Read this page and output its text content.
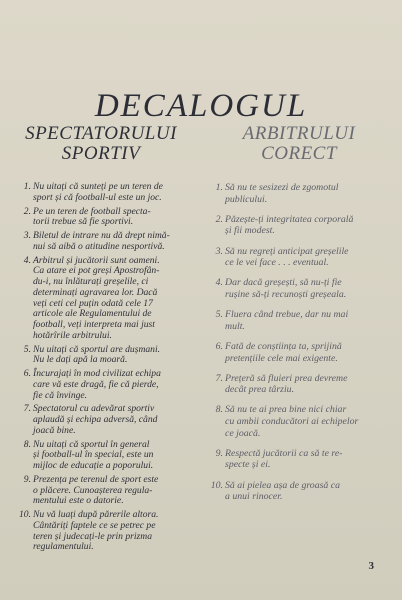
DECALOGUL
SPECTATORULUI
SPORTIV
ARBITRULUI
CORECT
1. Nu uitați că sunteți pe un teren de
sport și că football-ul este un joc.
2. Pe un teren de football specta-
torii trebue să fie sportivi.
3. Biletul de intrare nu dă drept nimă-
nui să aibă o atitudine nesportivă.
4. Arbitrul și jucătorii sunt oameni.
Ca atare ei pot greși Apostrofân-
du-i, nu înlăturați greșelile, ci
determinați agravarea lor. Dacă
veți ceti cel puțin odată cele 17
articole ale Regulamentului de
football, veți interpreta mai just
hotărîrile arbitrului.
5. Nu uitați că sportul are dușmani.
Nu le dați apă la moară.
6. Încurajați în mod civilizat echipa
care vă este dragă, fie că pierde,
fie că învinge.
7. Spectatorul cu adevărat sportiv
aplaudă și echipa adversă, când
joacă bine.
8. Nu uitați că sportul în general
și football-ul în special, este un
mijloc de educație a poporului.
9. Prezența pe terenul de sport este
o plăcere. Cunoașterea regula-
mentului este o datorie.
10. Nu vă luați după părerile altora.
Cântăriți faptele ce se petrec pe
teren și judecați-le prin prizma
regulamentului.
1. Să nu te sesizezi de zgomotul
publicului.
2. Păzește-ți integritatea corporală
și fii modest.
3. Să nu regreți anticipat greșelile
ce le vei face . . . eventual.
4. Dar dacă greșești, să nu-ți fie
rușine să-ți recunoști greșeala.
5. Fluera când trebue, dar nu mai
mult.
6. Fată de conștiința ta, sprijină
pretențiile cele mai exigente.
7. Prețeră să fluieri prea devreme
decât prea târziu.
8. Să nu te ai prea bine nici chiar
cu ambii conducători ai echipelor
ce joacă.
9. Respectă jucătorii ca să te re-
specte și ei.
10. Să ai pielea așa de groasă ca
a unui rinocer.
3
